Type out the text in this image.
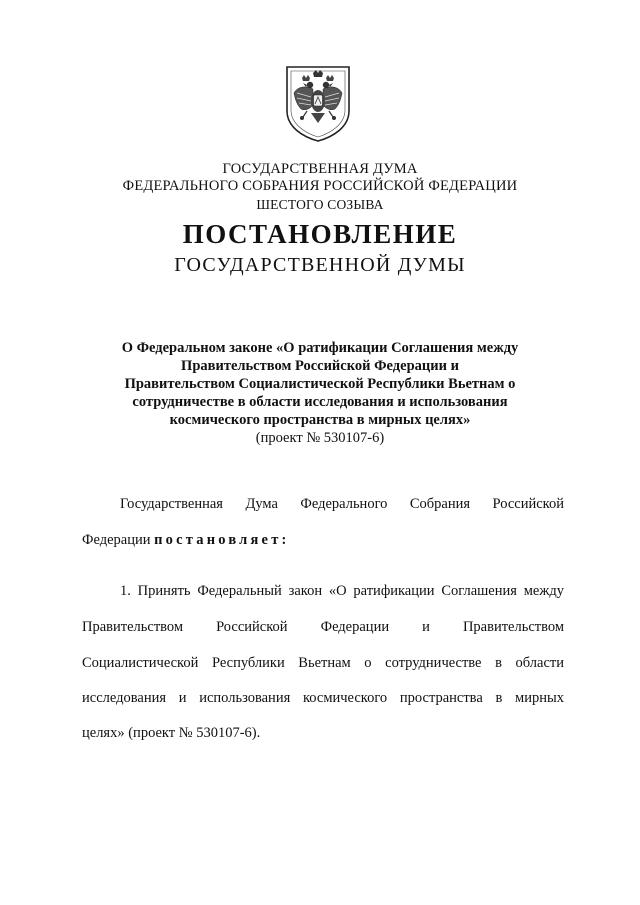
ГОСУДАРСТВЕННАЯ ДУМА
ФЕДЕРАЛЬНОГО СОБРАНИЯ РОССИЙСКОЙ ФЕДЕРАЦИИ
ШЕСТОГО СОЗЫВА
ПОСТАНОВЛЕНИЕ
ГОСУДАРСТВЕННОЙ ДУМЫ
О Федеральном законе «О ратификации Соглашения между
Правительством Российской Федерации и
Правительством Социалистической Республики Вьетнам о
сотрудничестве в области исследования и использования
космического пространства в мирных целях»
(проект № 530107-6)
Государственная Дума Федерального Собрания Российской
Федерации постановляет:
1. Принять Федеральный закон «О ратификации Соглашения между
Правительством Российской Федерации и Правительством
Социалистической Республики Вьетнам о сотрудничестве в области
исследования и использования космического пространства в мирных
целях» (проект № 530107-6).
